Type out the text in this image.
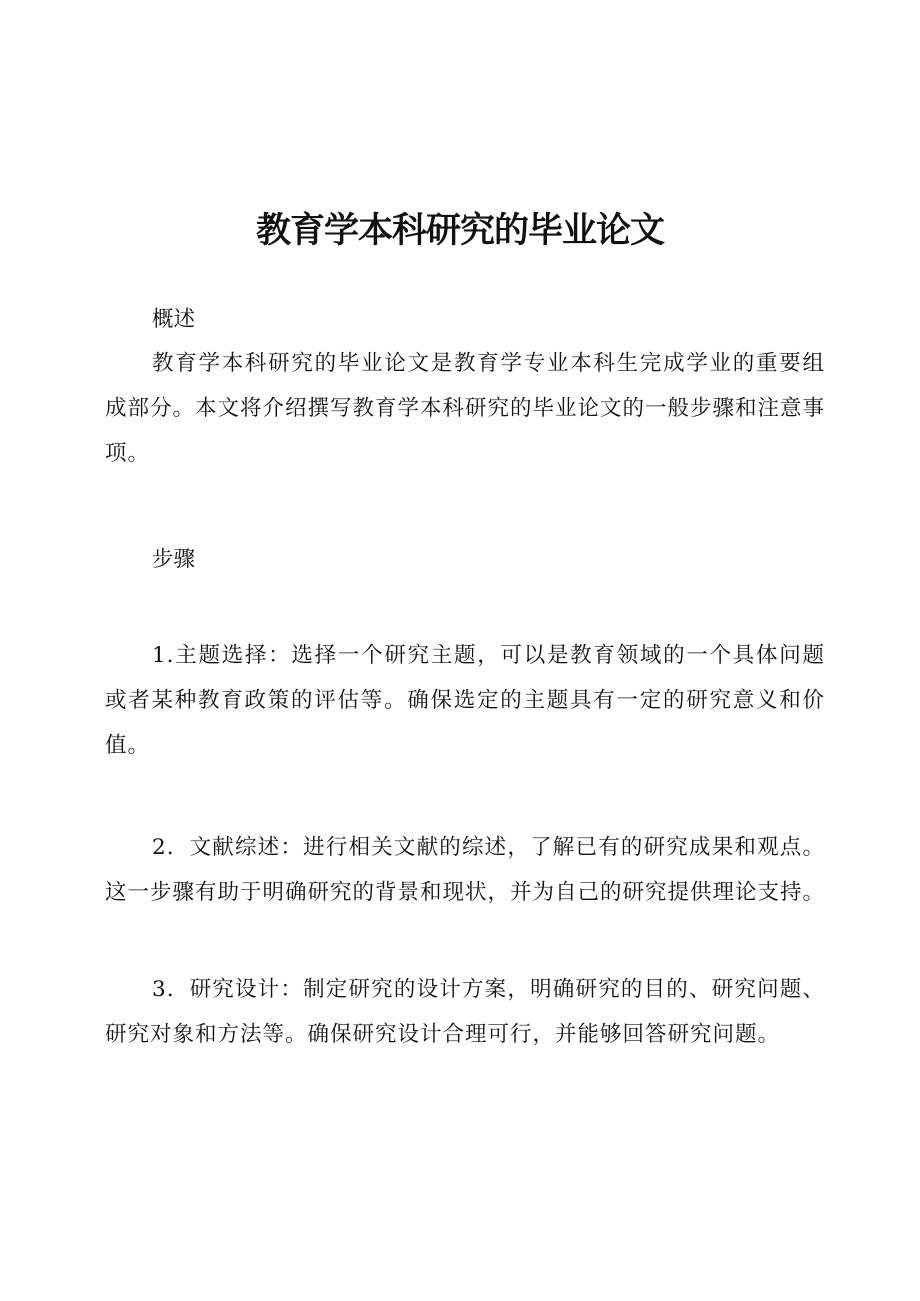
教育学本科研究的毕业论文

概述

教育学本科研究的毕业论文是教育学专业本科生完成学业的重要组成部分。本文将介绍撰写教育学本科研究的毕业论文的一般步骤和注意事项。

步骤

1.主题选择：选择一个研究主题，可以是教育领域的一个具体问题或者某种教育政策的评估等。确保选定的主题具有一定的研究意义和价值。

2．文献综述：进行相关文献的综述，了解已有的研究成果和观点。这一步骤有助于明确研究的背景和现状，并为自己的研究提供理论支持。

3．研究设计：制定研究的设计方案，明确研究的目的、研究问题、研究对象和方法等。确保研究设计合理可行，并能够回答研究问题。
